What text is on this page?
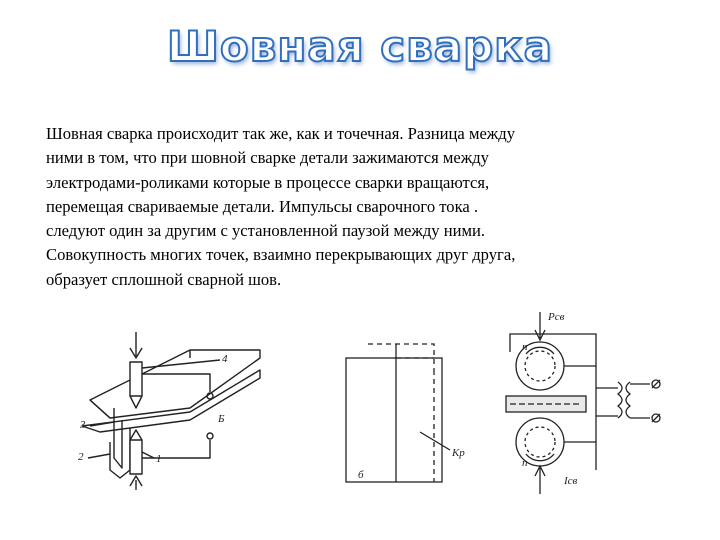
Шовная сварка

Шовная сварка происходит так же, как и точечная. Разница между
ними в том, что при шовной сварке детали зажимаются между
электродами-роликами которые в процессе сварки вращаются,
перемещая свариваемые детали. Импульсы сварочного тока .
следуют один за другим с установленной паузой между ними.
Совокупность многих точек, взаимно перекрывающих друг друга,
образует сплошной сварной шов.

4
3
2	1
Б
Кр
б
Рсв
Iсв
п
п
